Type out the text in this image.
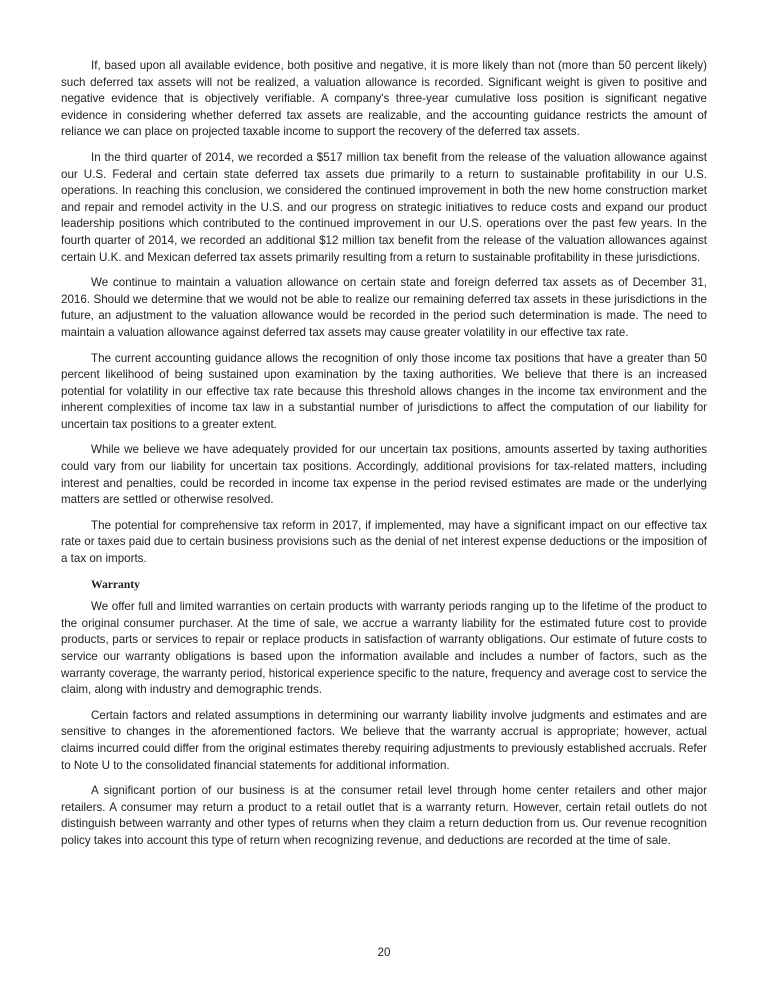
If, based upon all available evidence, both positive and negative, it is more likely than not (more than 50 percent likely) such deferred tax assets will not be realized, a valuation allowance is recorded. Significant weight is given to positive and negative evidence that is objectively verifiable. A company's three-year cumulative loss position is significant negative evidence in considering whether deferred tax assets are realizable, and the accounting guidance restricts the amount of reliance we can place on projected taxable income to support the recovery of the deferred tax assets.

In the third quarter of 2014, we recorded a $517 million tax benefit from the release of the valuation allowance against our U.S. Federal and certain state deferred tax assets due primarily to a return to sustainable profitability in our U.S. operations. In reaching this conclusion, we considered the continued improvement in both the new home construction market and repair and remodel activity in the U.S. and our progress on strategic initiatives to reduce costs and expand our product leadership positions which contributed to the continued improvement in our U.S. operations over the past few years. In the fourth quarter of 2014, we recorded an additional $12 million tax benefit from the release of the valuation allowances against certain U.K. and Mexican deferred tax assets primarily resulting from a return to sustainable profitability in these jurisdictions.

We continue to maintain a valuation allowance on certain state and foreign deferred tax assets as of December 31, 2016. Should we determine that we would not be able to realize our remaining deferred tax assets in these jurisdictions in the future, an adjustment to the valuation allowance would be recorded in the period such determination is made. The need to maintain a valuation allowance against deferred tax assets may cause greater volatility in our effective tax rate.

The current accounting guidance allows the recognition of only those income tax positions that have a greater than 50 percent likelihood of being sustained upon examination by the taxing authorities. We believe that there is an increased potential for volatility in our effective tax rate because this threshold allows changes in the income tax environment and the inherent complexities of income tax law in a substantial number of jurisdictions to affect the computation of our liability for uncertain tax positions to a greater extent.

While we believe we have adequately provided for our uncertain tax positions, amounts asserted by taxing authorities could vary from our liability for uncertain tax positions. Accordingly, additional provisions for tax-related matters, including interest and penalties, could be recorded in income tax expense in the period revised estimates are made or the underlying matters are settled or otherwise resolved.

The potential for comprehensive tax reform in 2017, if implemented, may have a significant impact on our effective tax rate or taxes paid due to certain business provisions such as the denial of net interest expense deductions or the imposition of a tax on imports.

Warranty

We offer full and limited warranties on certain products with warranty periods ranging up to the lifetime of the product to the original consumer purchaser. At the time of sale, we accrue a warranty liability for the estimated future cost to provide products, parts or services to repair or replace products in satisfaction of warranty obligations. Our estimate of future costs to service our warranty obligations is based upon the information available and includes a number of factors, such as the warranty coverage, the warranty period, historical experience specific to the nature, frequency and average cost to service the claim, along with industry and demographic trends.

Certain factors and related assumptions in determining our warranty liability involve judgments and estimates and are sensitive to changes in the aforementioned factors. We believe that the warranty accrual is appropriate; however, actual claims incurred could differ from the original estimates thereby requiring adjustments to previously established accruals. Refer to Note U to the consolidated financial statements for additional information.

A significant portion of our business is at the consumer retail level through home center retailers and other major retailers. A consumer may return a product to a retail outlet that is a warranty return. However, certain retail outlets do not distinguish between warranty and other types of returns when they claim a return deduction from us. Our revenue recognition policy takes into account this type of return when recognizing revenue, and deductions are recorded at the time of sale.

20
